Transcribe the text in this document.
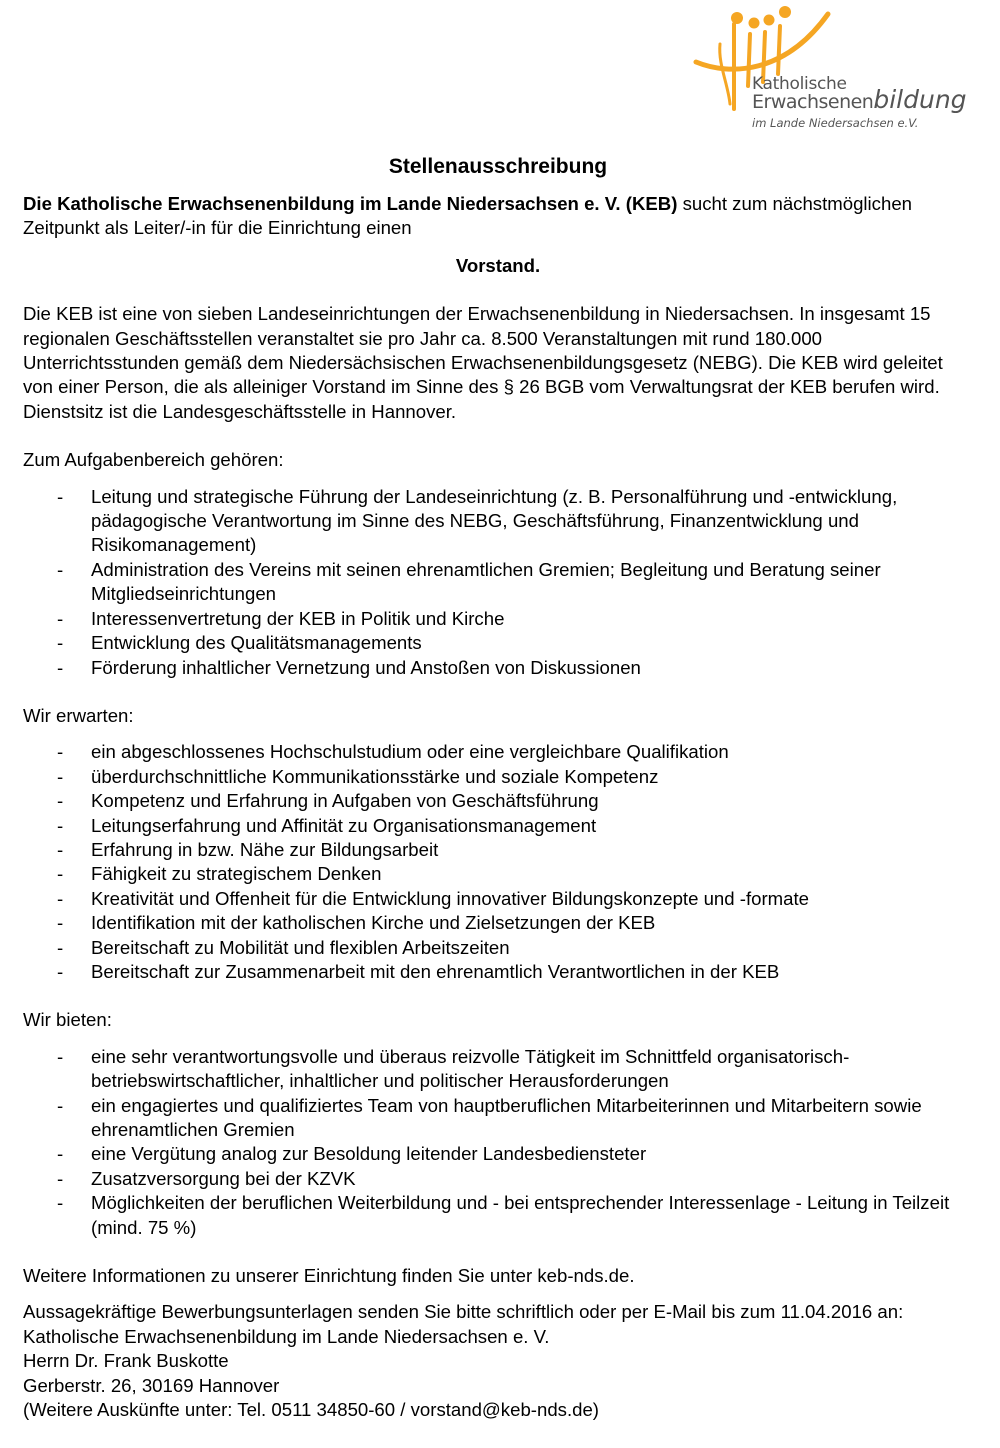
Katholische
Erwachsenenbildung
im Lande Niedersachsen e.V.
Stellenausschreibung

Die Katholische Erwachsenenbildung im Lande Niedersachsen e. V. (KEB) sucht zum nächstmöglichen Zeitpunkt als Leiter/-in für die Einrichtung einen

Vorstand.

Die KEB ist eine von sieben Landeseinrichtungen der Erwachsenenbildung in Niedersachsen. In insgesamt 15 regionalen Geschäftsstellen veranstaltet sie pro Jahr ca. 8.500 Veranstaltungen mit rund 180.000 Unterrichtsstunden gemäß dem Niedersächsischen Erwachsenenbildungsgesetz (NEBG). Die KEB wird geleitet von einer Person, die als alleiniger Vorstand im Sinne des § 26 BGB vom Verwaltungsrat der KEB berufen wird. Dienstsitz ist die Landesgeschäftsstelle in Hannover.

Zum Aufgabenbereich gehören:

- Leitung und strategische Führung der Landeseinrichtung (z. B. Personalführung und -entwicklung, pädagogische Verantwortung im Sinne des NEBG, Geschäftsführung, Finanzentwicklung und Risikomanagement)
- Administration des Vereins mit seinen ehrenamtlichen Gremien; Begleitung und Beratung seiner Mitgliedseinrichtungen
- Interessenvertretung der KEB in Politik und Kirche
- Entwicklung des Qualitätsmanagements
- Förderung inhaltlicher Vernetzung und Anstoßen von Diskussionen

Wir erwarten:

- ein abgeschlossenes Hochschulstudium oder eine vergleichbare Qualifikation
- überdurchschnittliche Kommunikationsstärke und soziale Kompetenz
- Kompetenz und Erfahrung in Aufgaben von Geschäftsführung
- Leitungserfahrung und Affinität zu Organisationsmanagement
- Erfahrung in bzw. Nähe zur Bildungsarbeit
- Fähigkeit zu strategischem Denken
- Kreativität und Offenheit für die Entwicklung innovativer Bildungskonzepte und -formate
- Identifikation mit der katholischen Kirche und Zielsetzungen der KEB
- Bereitschaft zu Mobilität und flexiblen Arbeitszeiten
- Bereitschaft zur Zusammenarbeit mit den ehrenamtlich Verantwortlichen in der KEB

Wir bieten:

- eine sehr verantwortungsvolle und überaus reizvolle Tätigkeit im Schnittfeld organisatorisch-betriebswirtschaftlicher, inhaltlicher und politischer Herausforderungen
- ein engagiertes und qualifiziertes Team von hauptberuflichen Mitarbeiterinnen und Mitarbeitern sowie ehrenamtlichen Gremien
- eine Vergütung analog zur Besoldung leitender Landesbediensteter
- Zusatzversorgung bei der KZVK
- Möglichkeiten der beruflichen Weiterbildung und - bei entsprechender Interessenlage - Leitung in Teilzeit (mind. 75 %)

Weitere Informationen zu unserer Einrichtung finden Sie unter keb-nds.de.

Aussagekräftige Bewerbungsunterlagen senden Sie bitte schriftlich oder per E-Mail bis zum 11.04.2016 an:
Katholische Erwachsenenbildung im Lande Niedersachsen e. V.
Herrn Dr. Frank Buskotte
Gerberstr. 26, 30169 Hannover
(Weitere Auskünfte unter: Tel. 0511 34850-60 / vorstand@keb-nds.de)
